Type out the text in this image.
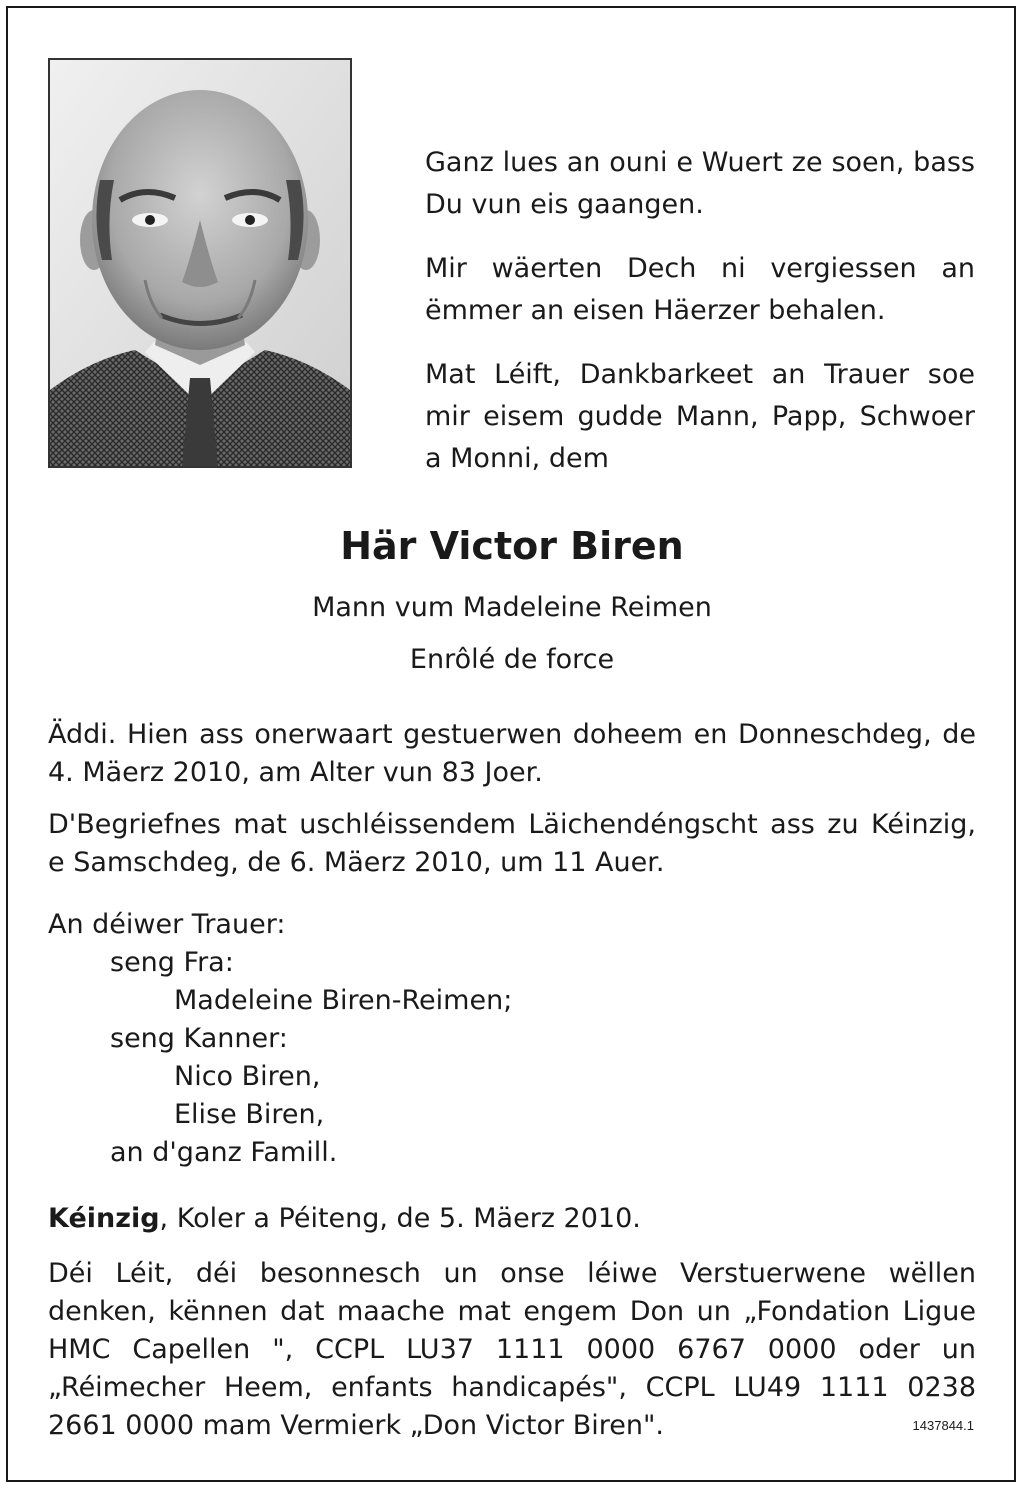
Ganz lues an ouni e Wuert ze soen, bass Du vun eis gaangen.

Mir wäerten Dech ni vergiessen an ëmmer an eisen Häerzer behalen.

Mat Léift, Dankbarkeet an Trauer soe mir eisem gudde Mann, Papp, Schwoer a Monni, dem

Här Victor Biren
Mann vum Madeleine Reimen
Enrôlé de force

Äddi. Hien ass onerwaart gestuerwen doheem en Donneschdeg, de 4. Mäerz 2010, am Alter vun 83 Joer.

D'Begriefnes mat uschléissendem Läichendéngscht ass zu Kéinzig, e Samschdeg, de 6. Mäerz 2010, um 11 Auer.

An déiwer Trauer:
seng Fra:
Madeleine Biren-Reimen;
seng Kanner:
Nico Biren,
Elise Biren,
an d'ganz Famill.
Kéinzig, Koler a Péiteng, de 5. Mäerz 2010.
Déi Léit, déi besonnesch un onse léiwe Verstuerwene wëllen denken, kënnen dat maache mat engem Don un „Fondation Ligue HMC Capellen ", CCPL LU37 1111 0000 6767 0000 oder un „Réimecher Heem, enfants handicapés", CCPL LU49 1111 0238 2661 0000 mam Vermierk „Don Victor Biren".	1437844.1
